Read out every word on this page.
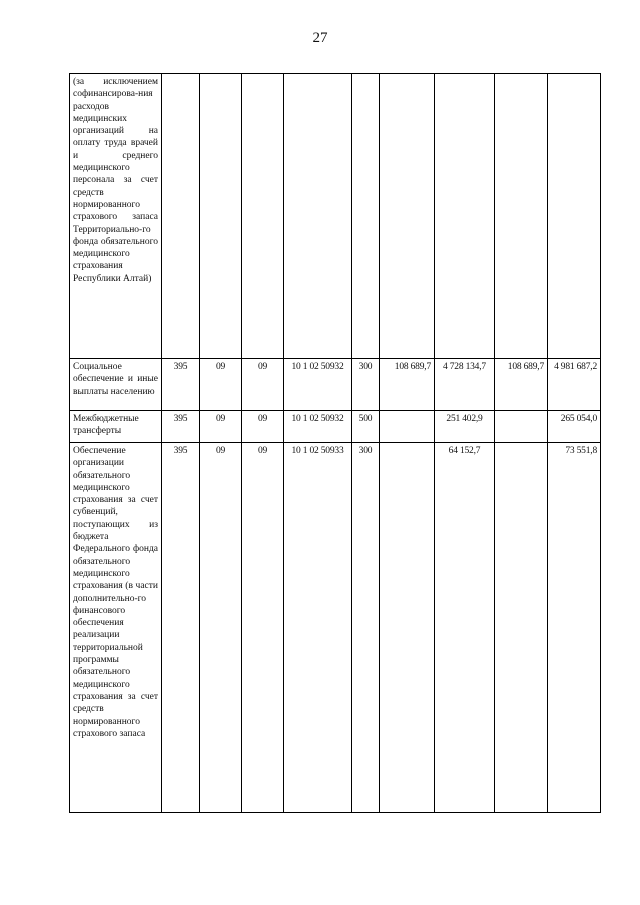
27
(за исключением софинансирова-ния расходов медицинских организаций на оплату труда врачей и среднего медицинского персонала за счет средств нормированного страхового запаса Территориально-го фонда обязательного медицинского страхования Республики Алтай)									
Социальное обеспечение и иные выплаты населению	395	09	09	10 1 02 50932	300	108 689,7	4 728 134,7	108 689,7	4 981 687,2
Межбюджетные трансферты	395	09	09	10 1 02 50932	500		251 402,9		265 054,0
Обеспечение организации обязательного медицинского страхования за счет субвенций, поступающих из бюджета Федерального фонда обязательного медицинского страхования (в части дополнительно-го финансового обеспечения реализации территориальной программы обязательного медицинского страхования за счет средств нормированного страхового запаса	395	09	09	10 1 02 50933	300		64 152,7		73 551,8
